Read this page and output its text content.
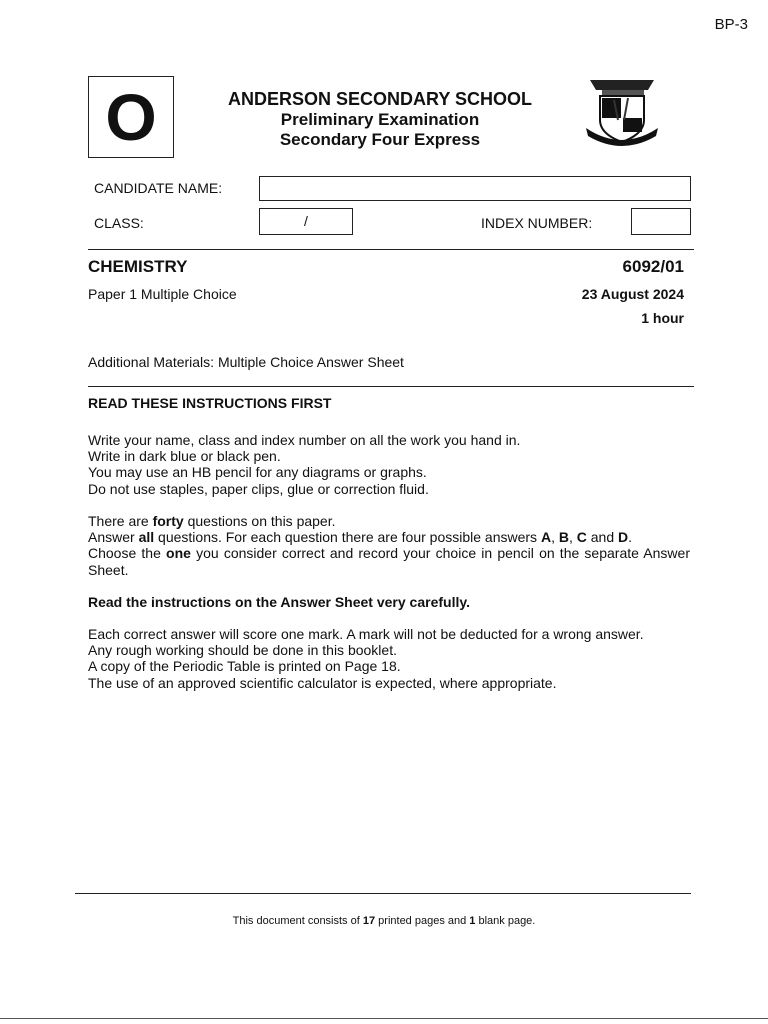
BP-3
O	ANDERSON SECONDARY SCHOOL
Preliminary Examination
Secondary Four Express
CANDIDATE NAME:
CLASS:	/	INDEX NUMBER:
CHEMISTRY	6092/01
Paper 1 Multiple Choice	23 August 2024
1 hour
Additional Materials: Multiple Choice Answer Sheet
READ THESE INSTRUCTIONS FIRST
Write your name, class and index number on all the work you hand in.
Write in dark blue or black pen.
You may use an HB pencil for any diagrams or graphs.
Do not use staples, paper clips, glue or correction fluid.
There are forty questions on this paper.
Answer all questions. For each question there are four possible answers A, B, C and D.
Choose the one you consider correct and record your choice in pencil on the separate Answer Sheet.
Read the instructions on the Answer Sheet very carefully.
Each correct answer will score one mark. A mark will not be deducted for a wrong answer.
Any rough working should be done in this booklet.
A copy of the Periodic Table is printed on Page 18.
The use of an approved scientific calculator is expected, where appropriate.
This document consists of 17 printed pages and 1 blank page.
